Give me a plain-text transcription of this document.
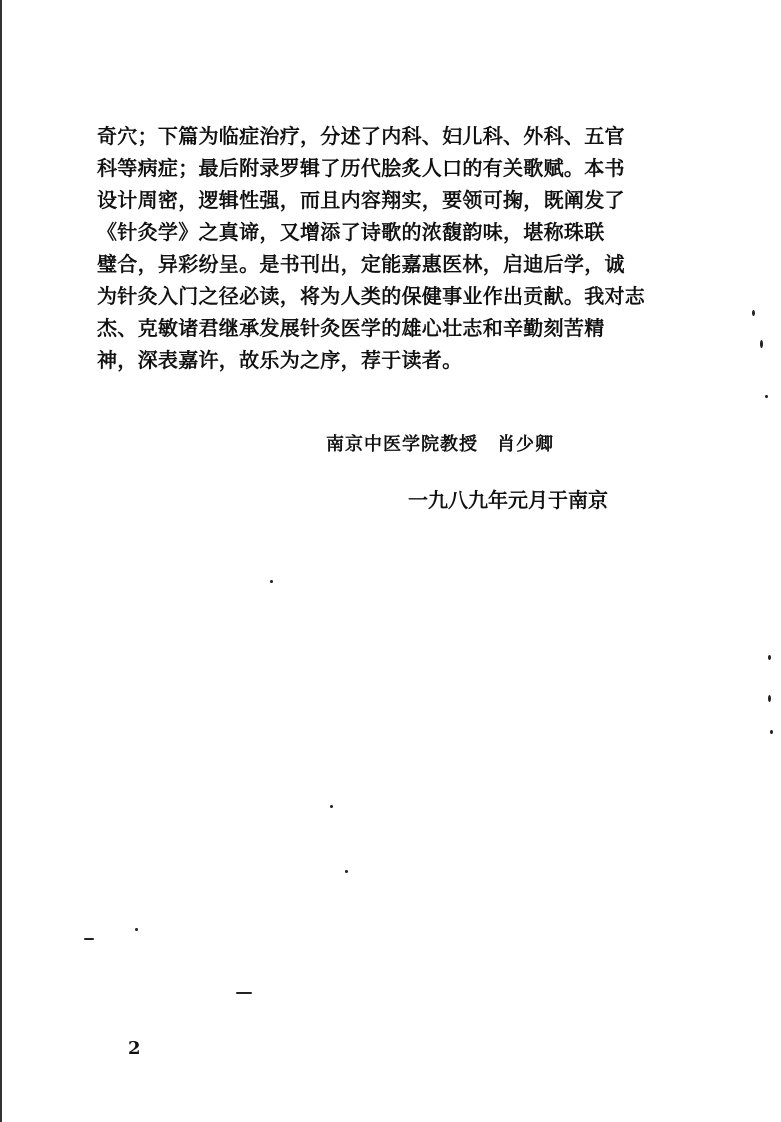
奇穴；下篇为临症治疗，分述了内科、妇儿科、外科、五官
科等病症；最后附录罗辑了历代脍炙人口的有关歌赋。本书
设计周密，逻辑性强，而且内容翔实，要领可掬，既阐发了
《针灸学》之真谛，又增添了诗歌的浓馥韵味，堪称珠联
璧合，异彩纷呈。是书刊出，定能嘉惠医林，启迪后学，诚
为针灸入门之径必读，将为人类的保健事业作出贡献。我对志
杰、克敏诸君继承发展针灸医学的雄心壮志和辛勤刻苦精
神，深表嘉许，故乐为之序，荐于读者。
南京中医学院教授　肖少卿
一九八九年元月于南京
2
